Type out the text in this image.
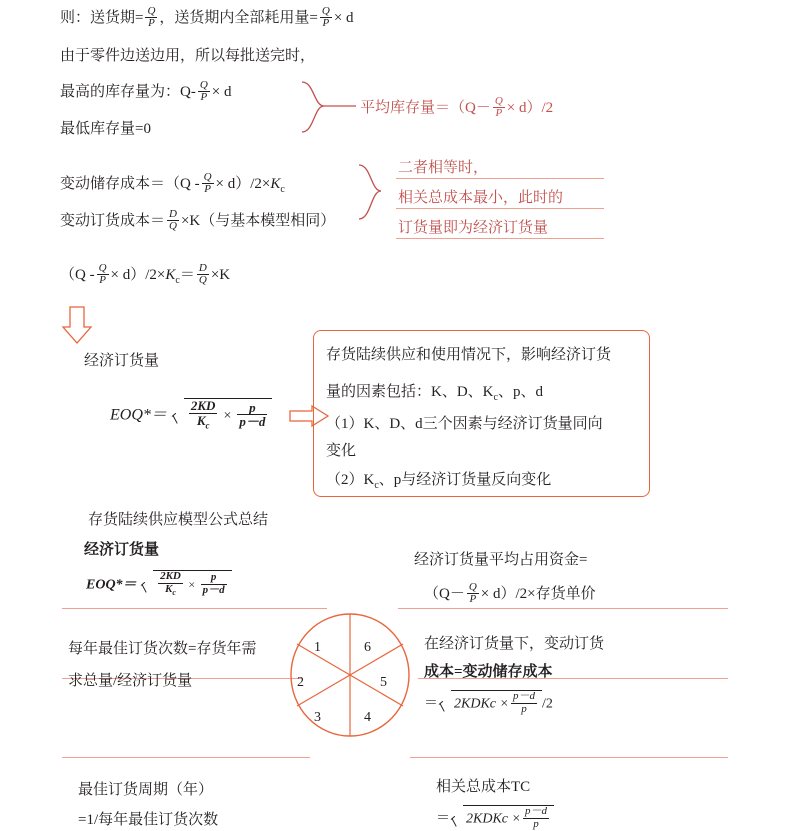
则：送货期= $\frac{Q}{P}$ ，送货期内全部耗用量= $\frac{Q}{P} \times d$
由于零件边送边用，所以每批送完时，
最高的库存量为：$Q- \frac{Q}{P} \times d$
最低库存量=0
平均库存量$=(Q- \frac{Q}{P} \times d)/2$
变动储存成本$=(Q - \frac{Q}{P} \times d)/2\times K_c$
变动订货成本＝ $\frac{D}{Q} \times K$（与基本模型相同）
二者相等时，
相关总成本最小，此时的
订货量即为经济订货量
$(Q - \frac{Q}{P} \times d)/2\times K_c= \frac{D}{Q} \times K$
经济订货量
$EOQ*= \frac{2KD}{K_c} \times \frac{p}{p-d}$
存货陆续供应和使用情况下，影响经济订货
量的因素包括：K、D、$K_c$、p、d
（1）K、D、d三个因素与经济订货量同向
变化
$(2)K_c$、p与经济订货量反向变化
存货陆续供应模型公式总结
经济订货量
$EOQ*= \frac{2KD}{K_c} \times \frac{p}{p-d}$
经济订货量平均占用资金=
$(Q- \frac{Q}{P} \times d)/2\times$存货单价
1	6
2	5
3	4
每年最佳订货次数=存货年需
求总量/经济订货量
最佳订货周期（年）
=1/每年最佳订货次数
在经济订货量下，变动订货
成本=变动储存成本
＝ 2KDKc × $\frac{p-d}{p} /2$
相关总成本TC
＝ 2KDKc × $\frac{p-d}{p}$
